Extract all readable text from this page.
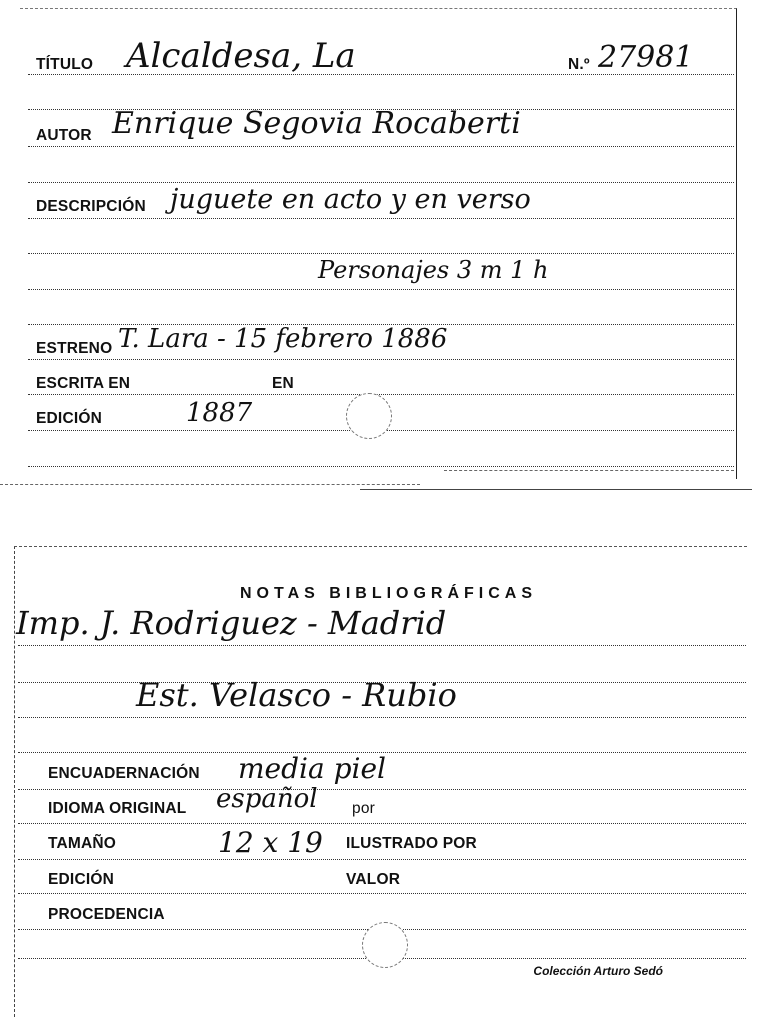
TÍTULO Alcaldesa, La	N.º 27981
AUTOR Enrique Segovia Rocaberti
DESCRIPCIÓN juguete en acto y en verso
Personajes 3 m 1 h
ESTRENO T. Lara - 15 febrero 1886
ESCRITA EN	EN
EDICIÓN	1887
NOTAS BIBLIOGRÁFICAS
Imp. J. Rodriguez - Madrid
Est. Velasco - Rubio
ENCUADERNACIÓN media piel
IDIOMA ORIGINAL español por
TAMAÑO	12 x 19 ILUSTRADO POR
EDICIÓN	VALOR
PROCEDENCIA
Colección Arturo Sedó
